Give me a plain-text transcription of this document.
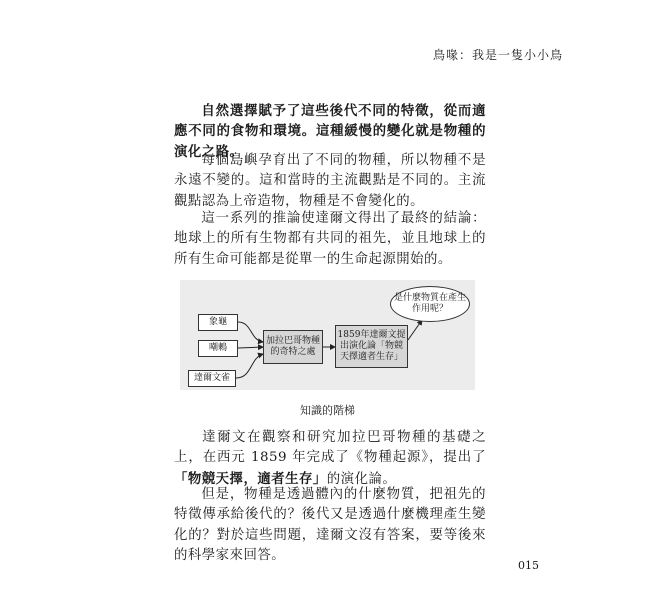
鳥喙：我是一隻小小鳥

自然選擇賦予了這些後代不同的特徵，從而適應不同的食物和環境。這種緩慢的變化就是物種的演化之路。

每個島嶼孕育出了不同的物種，所以物種不是永遠不變的。這和當時的主流觀點是不同的。主流觀點認為上帝造物，物種是不會變化的。

這一系列的推論使達爾文得出了最終的結論：地球上的所有生物都有共同的祖先，並且地球上的所有生命可能都是從單一的生命起源開始的。

象龜
嘲鶇
達爾文雀
加拉巴哥物種的奇特之處
1859年達爾文提出演化論「物競天擇適者生存」
是什麼物質在產生作用呢？
知識的階梯

達爾文在觀察和研究加拉巴哥物種的基礎之上，在西元 1859 年完成了《物種起源》，提出了「物競天擇，適者生存」的演化論。

但是，物種是透過體內的什麼物質，把祖先的特徵傳承給後代的？後代又是透過什麼機理產生變化的？對於這些問題，達爾文沒有答案，要等後來的科學家來回答。

015
